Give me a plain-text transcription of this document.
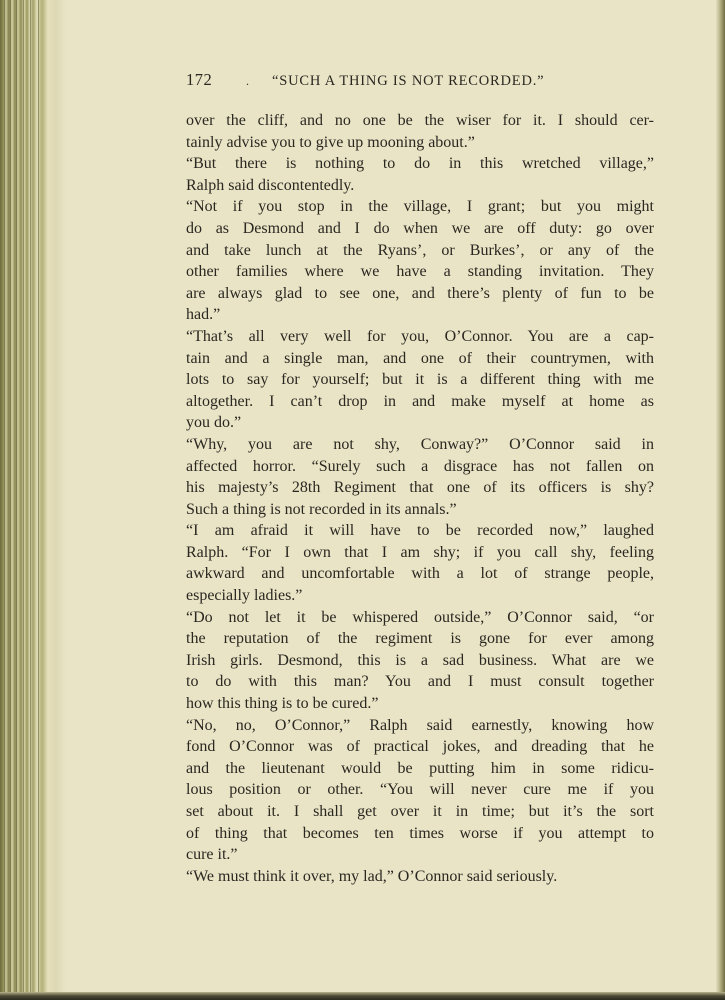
172	.	“SUCH A THING IS NOT RECORDED.”

over the cliff, and no one be the wiser for it. I should cer-

tainly advise you to give up mooning about.”

“But there is nothing to do in this wretched village,”

Ralph said discontentedly.

“Not if you stop in the village, I grant; but you might

do as Desmond and I do when we are off duty: go over

and take lunch at the Ryans’, or Burkes’, or any of the

other families where we have a standing invitation. They

are always glad to see one, and there’s plenty of fun to be

had.”

“That’s all very well for you, O’Connor. You are a cap-

tain and a single man, and one of their countrymen, with

lots to say for yourself; but it is a different thing with me

altogether. I can’t drop in and make myself at home as

you do.”

“Why, you are not shy, Conway?” O’Connor said in

affected horror. “Surely such a disgrace has not fallen on

his majesty’s 28th Regiment that one of its officers is shy?

Such a thing is not recorded in its annals.”

“I am afraid it will have to be recorded now,” laughed

Ralph. “For I own that I am shy; if you call shy, feeling

awkward and uncomfortable with a lot of strange people,

especially ladies.”

“Do not let it be whispered outside,” O’Connor said, “or

the reputation of the regiment is gone for ever among

Irish girls. Desmond, this is a sad business. What are we

to do with this man? You and I must consult together

how this thing is to be cured.”

“No, no, O’Connor,” Ralph said earnestly, knowing how

fond O’Connor was of practical jokes, and dreading that he

and the lieutenant would be putting him in some ridicu-

lous position or other. “You will never cure me if you

set about it. I shall get over it in time; but it’s the sort

of thing that becomes ten times worse if you attempt to

cure it.”

“We must think it over, my lad,” O’Connor said seriously.
